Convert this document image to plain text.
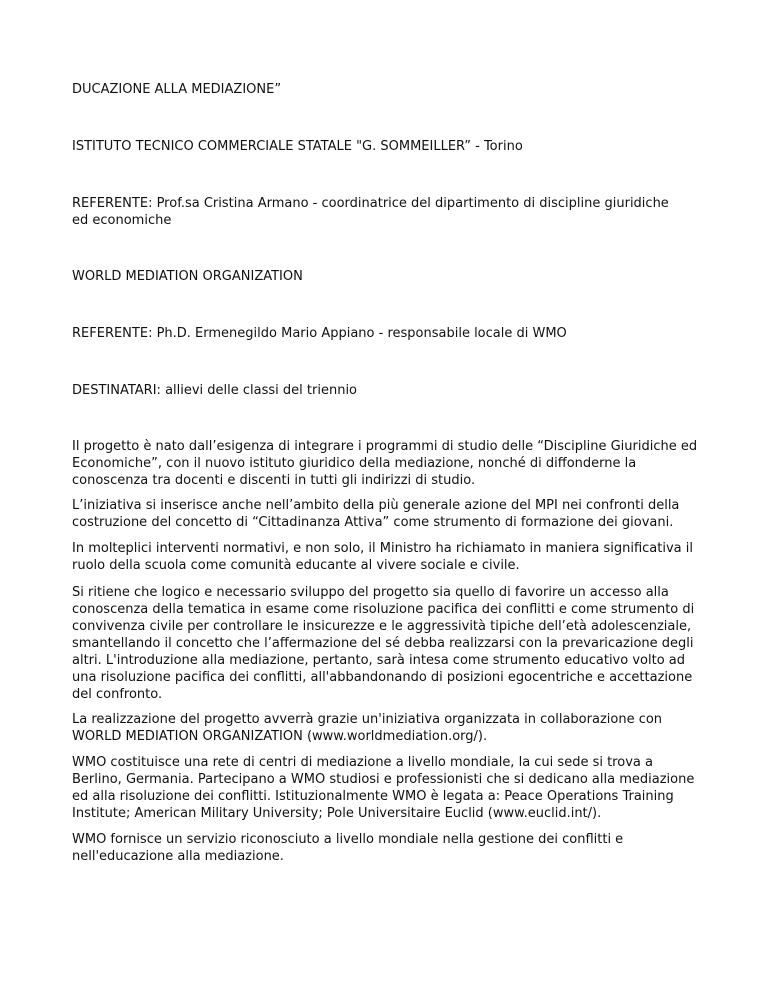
DUCAZIONE ALLA MEDIAZIONE”
ISTITUTO TECNICO COMMERCIALE STATALE "G. SOMMEILLER” - Torino
REFERENTE: Prof.sa Cristina Armano - coordinatrice del dipartimento di discipline giuridiche
ed economiche
WORLD MEDIATION ORGANIZATION
REFERENTE: Ph.D. Ermenegildo Mario Appiano - responsabile locale di WMO
DESTINATARI: allievi delle classi del triennio

Il progetto è nato dall’esigenza di integrare i programmi di studio delle “Discipline Giuridiche ed Economiche”, con il nuovo istituto giuridico della mediazione, nonché di diffonderne la conoscenza tra docenti e discenti in tutti gli indirizzi di studio.

L’iniziativa si inserisce anche nell’ambito della più generale azione del MPI nei confronti della costruzione del concetto di “Cittadinanza Attiva” come strumento di formazione dei giovani.

In molteplici interventi normativi, e non solo, il Ministro ha richiamato in maniera significativa il ruolo della scuola come comunità educante al vivere sociale e civile.

Si ritiene che logico e necessario sviluppo del progetto sia quello di favorire un accesso alla conoscenza della tematica in esame come risoluzione pacifica dei conflitti e come strumento di convivenza civile per controllare le insicurezze e le aggressività tipiche dell’età adolescenziale, smantellando il concetto che l’affermazione del sé debba realizzarsi con la prevaricazione degli altri. L'introduzione alla mediazione, pertanto, sarà intesa come strumento educativo volto ad una risoluzione pacifica dei conflitti, all'abbandonando di posizioni egocentriche e accettazione del confronto.

La realizzazione del progetto avverrà grazie un'iniziativa organizzata in collaborazione con WORLD MEDIATION ORGANIZATION (www.worldmediation.org/).

WMO costituisce una rete di centri di mediazione a livello mondiale, la cui sede si trova a Berlino, Germania. Partecipano a WMO studiosi e professionisti che si dedicano alla mediazione ed alla risoluzione dei conflitti. Istituzionalmente WMO è legata a: Peace Operations Training Institute; American Military University; Pole Universitaire Euclid (www.euclid.int/).

WMO fornisce un servizio riconosciuto a livello mondiale nella gestione dei conflitti e nell'educazione alla mediazione.
